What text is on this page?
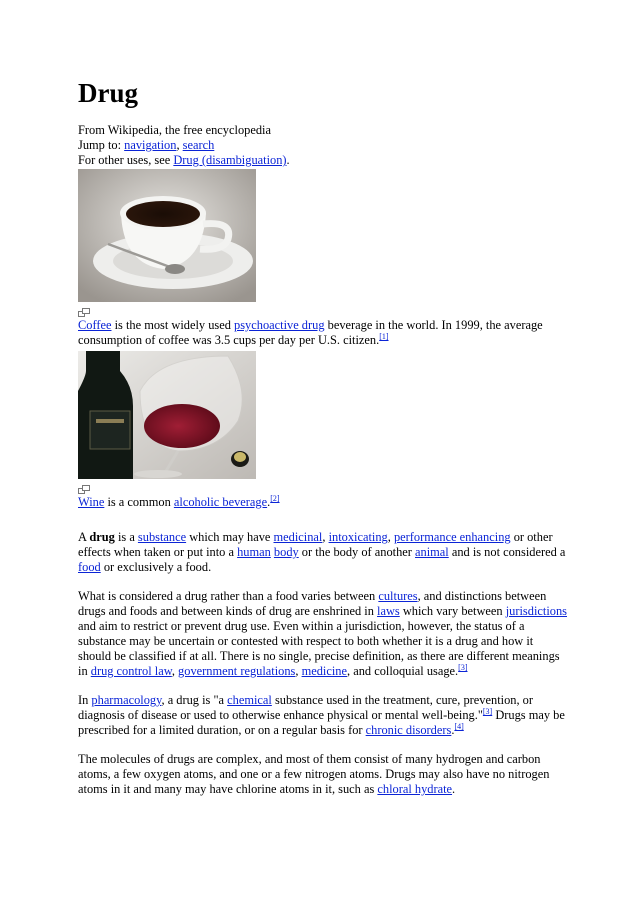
Drug
From Wikipedia, the free encyclopedia
Jump to: navigation, search
For other uses, see Drug (disambiguation).

Coffee is the most widely used psychoactive drug beverage in the world. In 1999, the average consumption of coffee was 3.5 cups per day per U.S. citizen.[1]

Wine is a common alcoholic beverage.[2]

A drug is a substance which may have medicinal, intoxicating, performance enhancing or other effects when taken or put into a human body or the body of another animal and is not considered a food or exclusively a food.

What is considered a drug rather than a food varies between cultures, and distinctions between drugs and foods and between kinds of drug are enshrined in laws which vary between jurisdictions and aim to restrict or prevent drug use. Even within a jurisdiction, however, the status of a substance may be uncertain or contested with respect to both whether it is a drug and how it should be classified if at all. There is no single, precise definition, as there are different meanings in drug control law, government regulations, medicine, and colloquial usage.[3]

In pharmacology, a drug is "a chemical substance used in the treatment, cure, prevention, or diagnosis of disease or used to otherwise enhance physical or mental well-being."[3] Drugs may be prescribed for a limited duration, or on a regular basis for chronic disorders.[4]

The molecules of drugs are complex, and most of them consist of many hydrogen and carbon atoms, a few oxygen atoms, and one or a few nitrogen atoms. Drugs may also have no nitrogen atoms in it and many may have chlorine atoms in it, such as chloral hydrate.
